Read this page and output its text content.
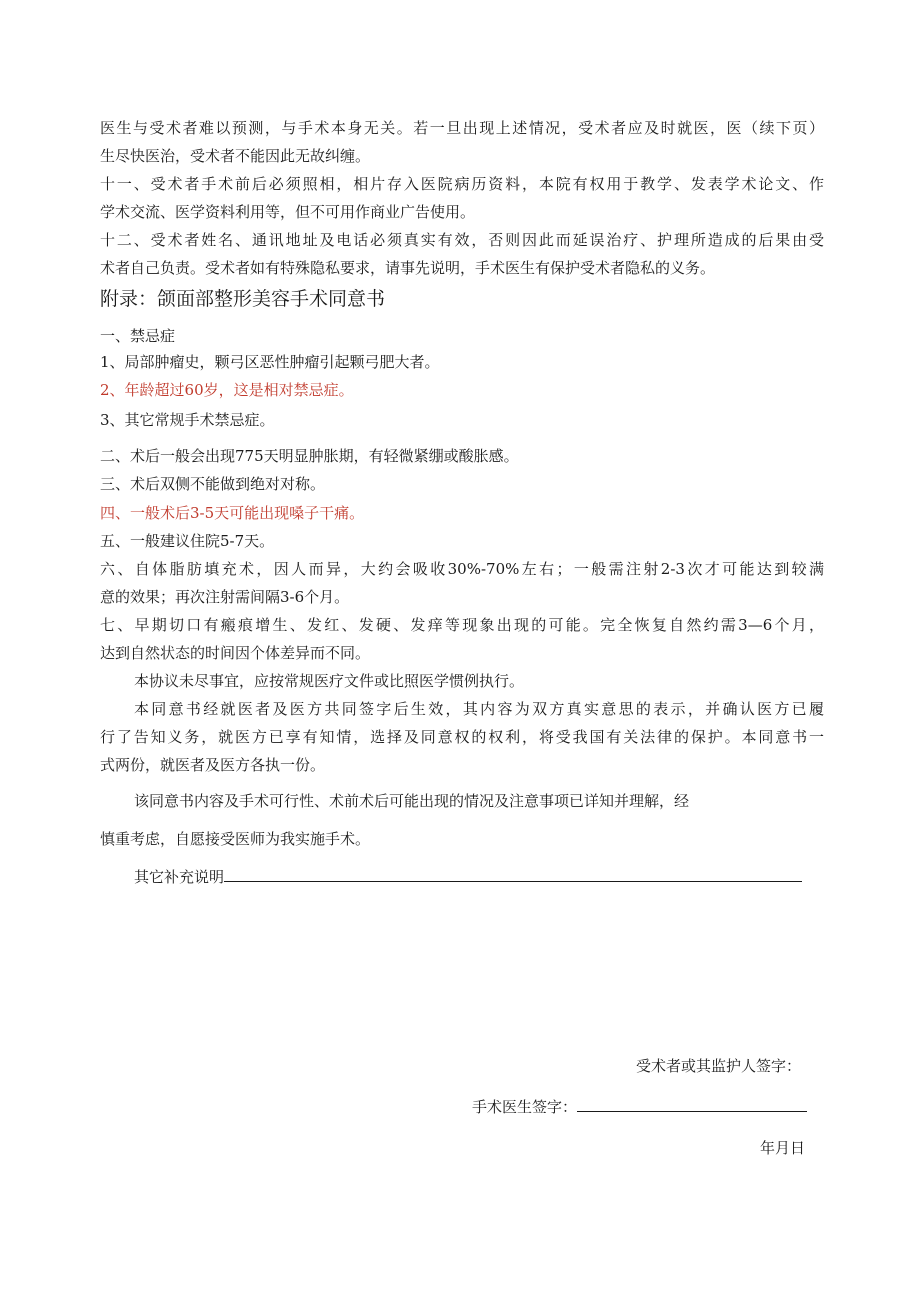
医生与受术者难以预测，与手术本身无关。若一旦出现上述情况，受术者应及时就医，医（续下页）
生尽快医治，受术者不能因此无故纠缠。
十一、受术者手术前后必须照相，相片存入医院病历资料，本院有权用于教学、发表学术论文、作
学术交流、医学资料利用等，但不可用作商业广告使用。
十二、受术者姓名、通讯地址及电话必须真实有效，否则因此而延误治疗、护理所造成的后果由受
术者自己负责。受术者如有特殊隐私要求，请事先说明，手术医生有保护受术者隐私的义务。
附录：颌面部整形美容手术同意书
一、禁忌症
1、局部肿瘤史，颗弓区恶性肿瘤引起颗弓肥大者。
2、年龄超过60岁，这是相对禁忌症。
3、其它常规手术禁忌症。
二、术后一般会出现775天明显肿胀期，有轻微紧绷或酸胀感。
三、术后双侧不能做到绝对对称。
四、一般术后3-5天可能出现嗓子干痛。
五、一般建议住院5-7天。
六、自体脂肪填充术，因人而异，大约会吸收30%-70%左右；一般需注射2-3次才可能达到较满
意的效果；再次注射需间隔3-6个月。
七、早期切口有瘢痕增生、发红、发硬、发痒等现象出现的可能。完全恢复自然约需3—6个月，
达到自然状态的时间因个体差异而不同。
本协议未尽事宜，应按常规医疗文件或比照医学惯例执行。
本同意书经就医者及医方共同签字后生效，其内容为双方真实意思的表示，并确认医方已履
行了告知义务，就医方已享有知情，选择及同意权的权利，将受我国有关法律的保护。本同意书一
式两份，就医者及医方各执一份。
该同意书内容及手术可行性、术前术后可能出现的情况及注意事项已详知并理解，经
慎重考虑，自愿接受医师为我实施手术。
其它补充说明
受术者或其监护人签字：
手术医生签字：
年月日
